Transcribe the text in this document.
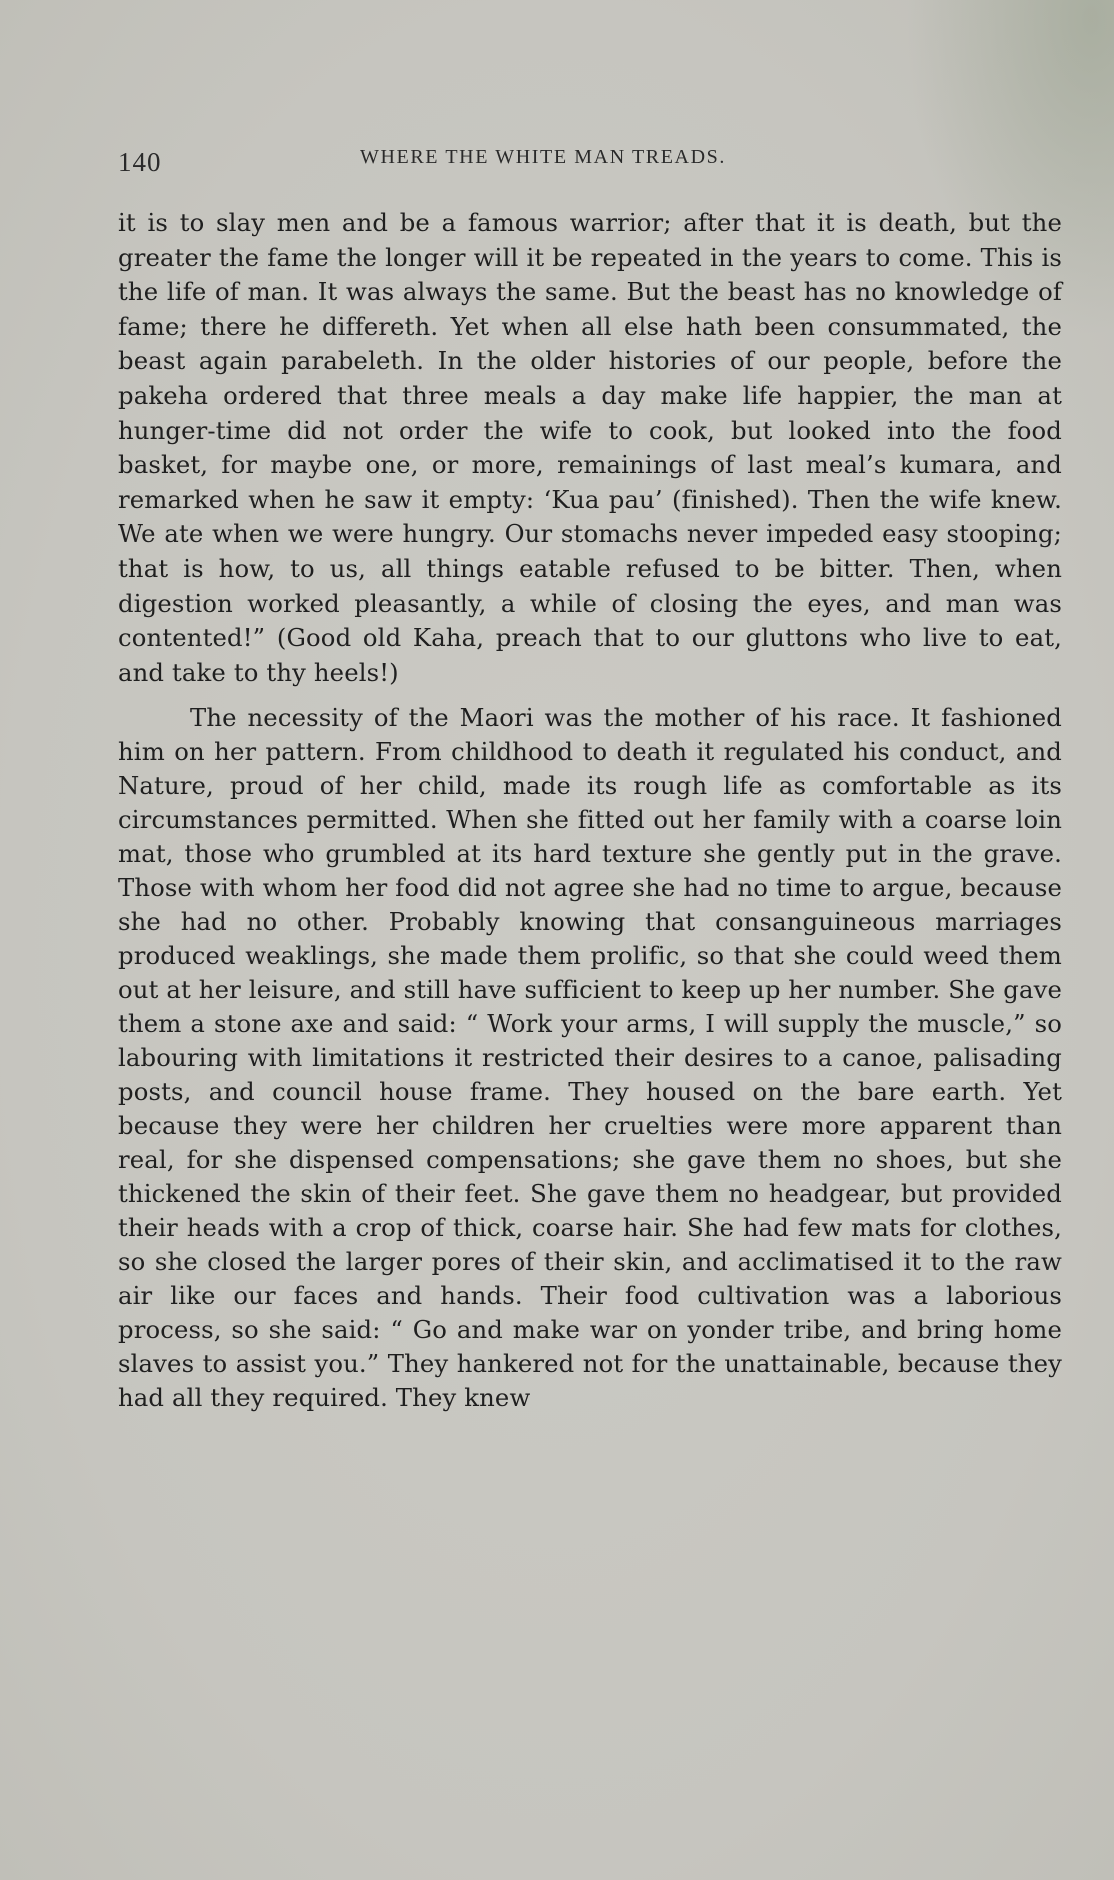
140	WHERE THE WHITE MAN TREADS.

it is to slay men and be a famous warrior; after that it is death, but the greater the fame the longer will it be repeated in the years to come. This is the life of man. It was always the same. But the beast has no knowledge of fame; there he differeth. Yet when all else hath been consummated, the beast again parabeleth. In the older histories of our people, before the pakeha ordered that three meals a day make life happier, the man at hunger-time did not order the wife to cook, but looked into the food basket, for maybe one, or more, remainings of last meal’s kumara, and remarked when he saw it empty: ‘Kua pau’ (finished). Then the wife knew. We ate when we were hungry. Our stomachs never impeded easy stooping; that is how, to us, all things eatable refused to be bitter. Then, when digestion worked pleasantly, a while of closing the eyes, and man was contented!” (Good old Kaha, preach that to our gluttons who live to eat, and take to thy heels!)

The necessity of the Maori was the mother of his race. It fashioned him on her pattern. From childhood to death it regulated his conduct, and Nature, proud of her child, made its rough life as comfortable as its circumstances permitted. When she fitted out her family with a coarse loin mat, those who grumbled at its hard texture she gently put in the grave. Those with whom her food did not agree she had no time to argue, because she had no other. Probably knowing that consanguineous marriages produced weaklings, she made them prolific, so that she could weed them out at her leisure, and still have sufficient to keep up her number. She gave them a stone axe and said: “ Work your arms, I will supply the muscle,” so labouring with limitations it restricted their desires to a canoe, palisading posts, and council house frame. They housed on the bare earth. Yet because they were her children her cruelties were more apparent than real, for she dispensed compensations; she gave them no shoes, but she thickened the skin of their feet. She gave them no headgear, but provided their heads with a crop of thick, coarse hair. She had few mats for clothes, so she closed the larger pores of their skin, and acclimatised it to the raw air like our faces and hands. Their food cultivation was a laborious process, so she said: “ Go and make war on yonder tribe, and bring home slaves to assist you.” They hankered not for the unattainable, because they had all they required. They knew
